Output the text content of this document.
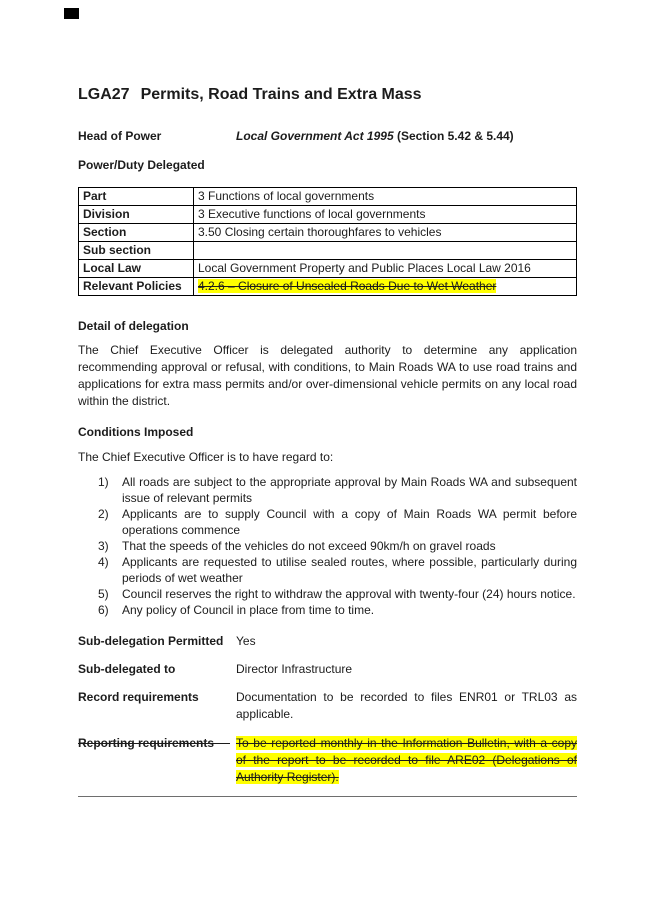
LGA27 Permits, Road Trains and Extra Mass
Head of Power	Local Government Act 1995 (Section 5.42 & 5.44)
Power/Duty Delegated
Part	3 Functions of local governments
Division	3 Executive functions of local governments
Section	3.50 Closing certain thoroughfares to vehicles
Sub section	
Local Law	Local Government Property and Public Places Local Law 2016
Relevant Policies	4.2.6 – Closure of Unsealed Roads Due to Wet Weather
Detail of delegation

The Chief Executive Officer is delegated authority to determine any application recommending approval or refusal, with conditions, to Main Roads WA to use road trains and applications for extra mass permits and/or over-dimensional vehicle permits on any local road within the district.

Conditions Imposed

The Chief Executive Officer is to have regard to:

1)	All roads are subject to the appropriate approval by Main Roads WA and subsequent issue of relevant permits
2)	Applicants are to supply Council with a copy of Main Roads WA permit before operations commence
3)	That the speeds of the vehicles do not exceed 90km/h on gravel roads
4)	Applicants are requested to utilise sealed routes, where possible, particularly during periods of wet weather
5)	Council reserves the right to withdraw the approval with twenty-four (24) hours notice.
6)	Any policy of Council in place from time to time.
Sub-delegation Permitted	Yes
Sub-delegated to	Director Infrastructure
Record requirements	Documentation to be recorded to files ENR01 or TRL03 as applicable.
Reporting requirements	To be reported monthly in the Information Bulletin, with a copy of the report to be recorded to file ARE02 (Delegations of Authority Register).
